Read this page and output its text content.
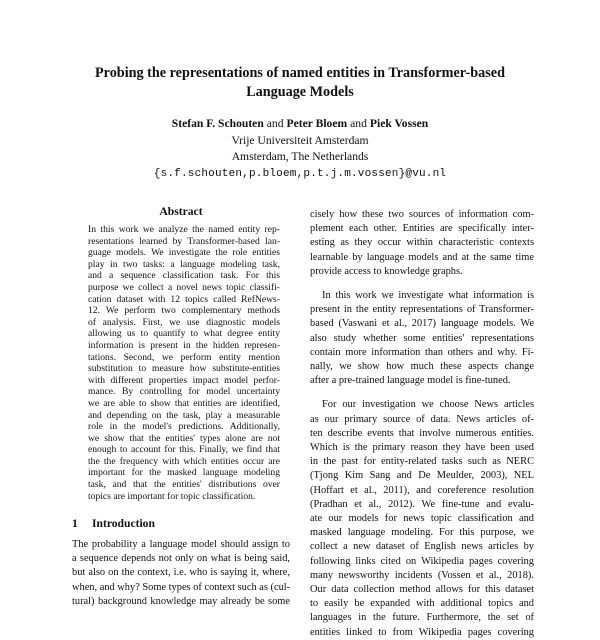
Probing the representations of named entities in Transformer-based
Language Models
Stefan F. Schouten and Peter Bloem and Piek Vossen
Vrije Universiteit Amsterdam
Amsterdam, The Netherlands
{s.f.schouten,p.bloem,p.t.j.m.vossen}@vu.nl
Abstract
In this work we analyze the named entity rep-
resentations learned by Transformer-based lan-
guage models. We investigate the role entities
play in two tasks: a language modeling task,
and a sequence classification task. For this
purpose we collect a novel news topic classifi-
cation dataset with 12 topics called RefNews-
12. We perform two complementary methods
of analysis. First, we use diagnostic models
allowing us to quantify to what degree entity
information is present in the hidden represen-
tations. Second, we perform entity mention
substitution to measure how substitute-entities
with different properties impact model perfor-
mance. By controlling for model uncertainty
we are able to show that entities are identified,
and depending on the task, play a measurable
role in the model's predictions. Additionally,
we show that the entities' types alone are not
enough to account for this. Finally, we find that
the the frequency with which entities occur are
important for the masked language modeling
task, and that the entities' distributions over
topics are important for topic classification.
1 Introduction
The probability a language model should assign to
a sequence depends not only on what is being said,
but also on the context, i.e. who is saying it, where,
when, and why? Some types of context such as (cul-
tural) background knowledge may already be some
cisely how these two sources of information com-
plement each other. Entities are specifically inter-
esting as they occur within characteristic contexts
learnable by language models and at the same time
provide access to knowledge graphs.
In this work we investigate what information is
present in the entity representations of Transformer-
based (Vaswani et al., 2017) language models. We
also study whether some entities' representations
contain more information than others and why. Fi-
nally, we show how much these aspects change
after a pre-trained language model is fine-tuned.
For our investigation we choose News articles
as our primary source of data. News articles of-
ten describe events that involve numerous entities.
Which is the primary reason they have been used
in the past for entity-related tasks such as NERC
(Tjong Kim Sang and De Meulder, 2003), NEL
(Hoffart et al., 2011), and coreference resolution
(Pradhan et al., 2012). We fine-tune and evalu-
ate our models for news topic classification and
masked language modeling. For this purpose, we
collect a new dataset of English news articles by
following links cited on Wikipedia pages covering
many newsworthy incidents (Vossen et al., 2018).
Our data collection method allows for this dataset
to easily be expanded with additional topics and
languages in the future. Furthermore, the set of
entities linked to from Wikipedia pages covering
